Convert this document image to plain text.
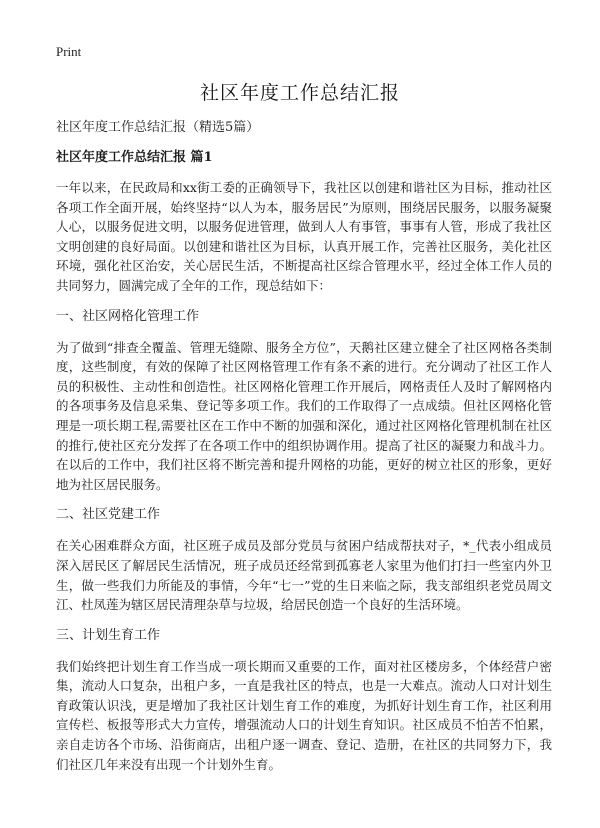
Print
社区年度工作总结汇报

社区年度工作总结汇报（精选5篇）

社区年度工作总结汇报 篇1

一年以来，在民政局和xx街工委的正确领导下，我社区以创建和谐社区为目标，推动社区各项工作全面开展，始终坚持“以人为本，服务居民”为原则，围绕居民服务，以服务凝聚人心，以服务促进文明，以服务促进管理，做到人人有事管，事事有人管，形成了我社区文明创建的良好局面。以创建和谐社区为目标，认真开展工作，完善社区服务，美化社区环境，强化社区治安，关心居民生活，不断提高社区综合管理水平，经过全体工作人员的共同努力，圆满完成了全年的工作，现总结如下：

一、社区网格化管理工作

为了做到“排查全覆盖、管理无缝隙、服务全方位”，天鹅社区建立健全了社区网格各类制度，这些制度，有效的保障了社区网格管理工作有条不紊的进行。充分调动了社区工作人员的积极性、主动性和创造性。社区网格化管理工作开展后，网格责任人及时了解网格内的各项事务及信息采集、登记等多项工作。我们的工作取得了一点成绩。但社区网格化管理是一项长期工程,需要社区在工作中不断的加强和深化，通过社区网格化管理机制在社区的推行,使社区充分发挥了在各项工作中的组织协调作用。提高了社区的凝聚力和战斗力。在以后的工作中，我们社区将不断完善和提升网格的功能，更好的树立社区的形象，更好地为社区居民服务。

二、社区党建工作

在关心困难群众方面，社区班子成员及部分党员与贫困户结成帮扶对子，*_代表小组成员深入居民区了解居民生活情况，班子成员还经常到孤寡老人家里为他们打扫一些室内外卫生，做一些我们力所能及的事情，今年“七一”党的生日来临之际，我支部组织老党员周文江、杜凤莲为辖区居民清理杂草与垃圾，给居民创造一个良好的生活环境。

三、计划生育工作

我们始终把计划生育工作当成一项长期而又重要的工作，面对社区楼房多，个体经营户密集，流动人口复杂，出租户多，一直是我社区的特点，也是一大难点。流动人口对计划生育政策认识浅，更是增加了我社区计划生育工作的难度，为抓好计划生育工作，社区利用宣传栏、板报等形式大力宣传，增强流动人口的计划生育知识。社区成员不怕苦不怕累，亲自走访各个市场、沿街商店，出租户逐一调查、登记、造册，在社区的共同努力下，我们社区几年来没有出现一个计划外生育。
